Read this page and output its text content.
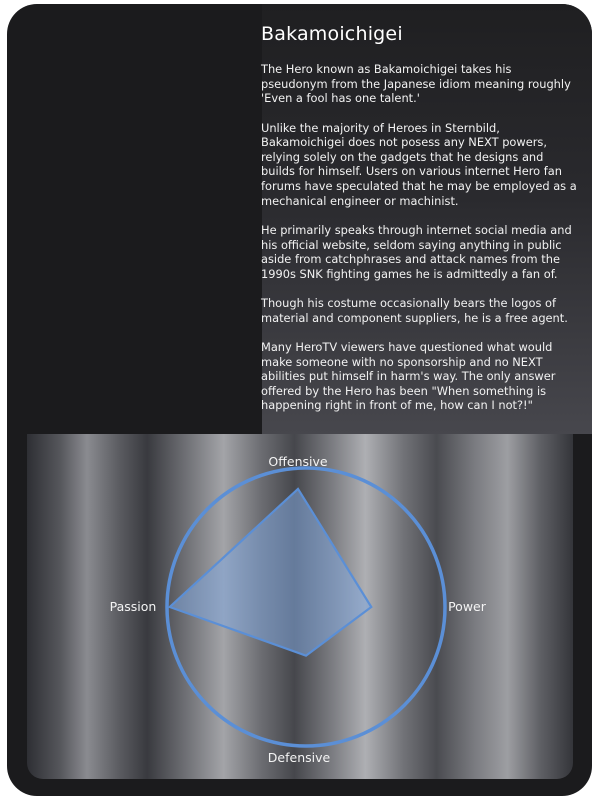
Bakamoichigei

The Hero known as Bakamoichigei takes his pseudonym from the Japanese idiom meaning roughly 'Even a fool has one talent.'

Unlike the majority of Heroes in Sternbild, Bakamoichigei does not posess any NEXT powers, relying solely on the gadgets that he designs and builds for himself. Users on various internet Hero fan forums have speculated that he may be employed as a mechanical engineer or machinist.

He primarily speaks through internet social media and his official website, seldom saying anything in public aside from catchphrases and attack names from the 1990s SNK fighting games he is admittedly a fan of.

Though his costume occasionally bears the logos of material and component suppliers, he is a free agent.

Many HeroTV viewers have questioned what would make someone with no sponsorship and no NEXT abilities put himself in harm's way. The only answer offered by the Hero has been "When something is happening right in front of me, how can I not?!"

Offensive
Power
Defensive
Passion
